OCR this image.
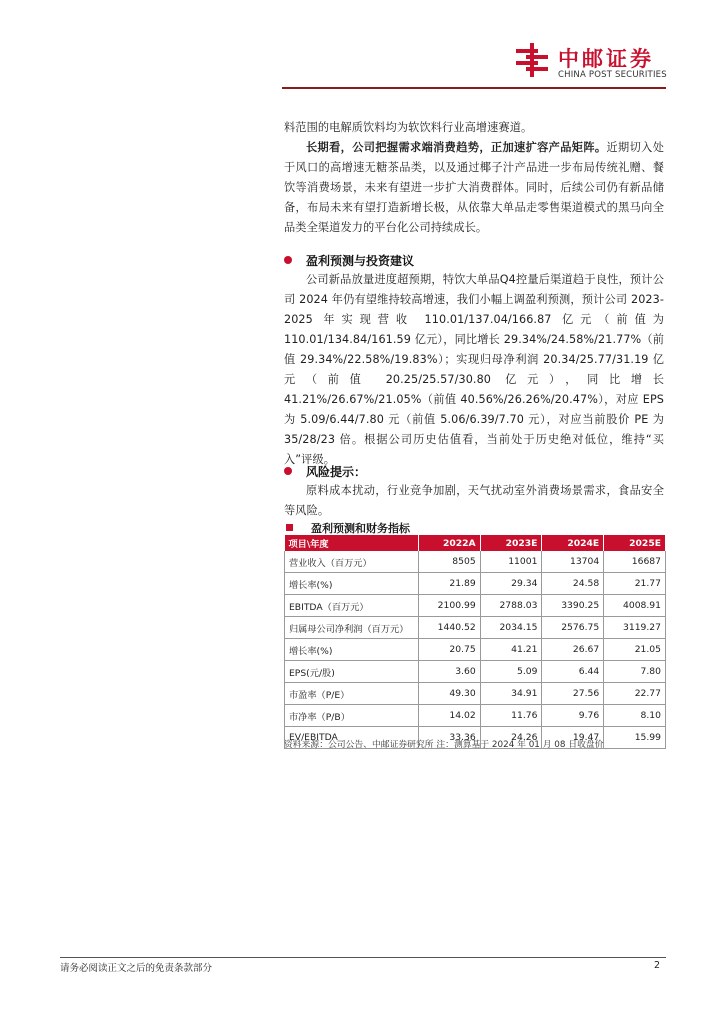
中邮证券
CHINA POST SECURITIES

料范围的电解质饮料均为软饮料行业高增速赛道。

长期看，公司把握需求端消费趋势，正加速扩容产品矩阵。近期切入处于风口的高增速无糖茶品类，以及通过椰子汁产品进一步布局传统礼赠、餐饮等消费场景，未来有望进一步扩大消费群体。同时，后续公司仍有新品储备，布局未来有望打造新增长极，从依靠大单品走零售渠道模式的黑马向全品类全渠道发力的平台化公司持续成长。

盈利预测与投资建议

公司新品放量进度超预期，特饮大单品Q4控量后渠道趋于良性，预计公司 2024 年仍有望维持较高增速，我们小幅上调盈利预测，预计公司 2023-2025 年实现营收 110.01/137.04/166.87 亿元（前值为 110.01/134.84/161.59 亿元），同比增长 29.34%/24.58%/21.77%（前值 29.34%/22.58%/19.83%）；实现归母净利润 20.34/25.77/31.19 亿元（前值 20.25/25.57/30.80 亿元），同比增长 41.21%/26.67%/21.05%（前值 40.56%/26.26%/20.47%），对应 EPS 为 5.09/6.44/7.80 元（前值 5.06/6.39/7.70 元），对应当前股价 PE 为 35/28/23 倍。根据公司历史估值看，当前处于历史绝对低位，维持“买入”评级。

风险提示：

原料成本扰动，行业竞争加剧，天气扰动室外消费场景需求，食品安全等风险。

盈利预测和财务指标
项目\年度	2022A	2023E	2024E	2025E
营业收入（百万元）	8505	11001	13704	16687
增长率(%)	21.89	29.34	24.58	21.77
EBITDA（百万元）	2100.99	2788.03	3390.25	4008.91
归属母公司净利润（百万元）	1440.52	2034.15	2576.75	3119.27
增长率(%)	20.75	41.21	26.67	21.05
EPS(元/股)	3.60	5.09	6.44	7.80
市盈率（P/E）	49.30	34.91	27.56	22.77
市净率（P/B）	14.02	11.76	9.76	8.10
EV/EBITDA	33.36	24.26	19.47	15.99
资料来源：公司公告、中邮证券研究所 注：测算基于 2024 年 01 月 08 日收盘价
请务必阅读正文之后的免责条款部分	2
